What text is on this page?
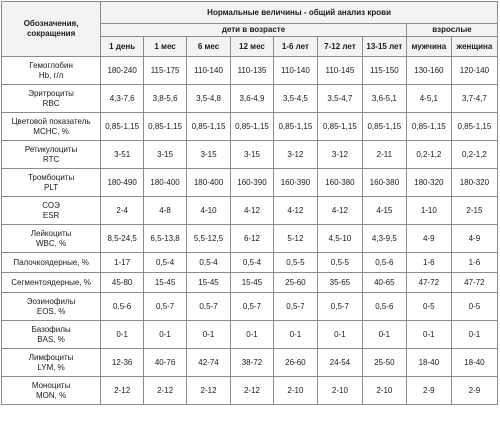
Обозначения,
сокращения	Нормальные величины - общий анализ крови								
	дети в возрасте							взрослые	
	1 день	1 мес	6 мес	12 мес	1-6 лет	7-12 лет	13-15 лет	мужчина	женщина

Гемоглобин
Hb, г/л	180-240	115-175	110-140	110-135	110-140	110-145	115-150	130-160	120-140

Эритроциты
RBC	4,3-7,6	3,8-5,6	3,5-4,8	3,6-4,9	3,5-4,5	3,5-4,7	3,6-5,1	4-5,1	3,7-4,7

Цветовой показатель
MCHC, %	0,85-1,15	0,85-1,15	0,85-1,15	0,85-1,15	0,85-1,15	0,85-1,15	0,85-1,15	0,85-1,15	0,85-1,15

Ретикулоциты
RTC	3-51	3-15	3-15	3-15	3-12	3-12	2-11	0,2-1,2	0,2-1,2

Тромбоциты
PLT	180-490	180-400	180-400	160-390	160-390	160-380	160-380	180-320	180-320

СОЭ
ESR	2-4	4-8	4-10	4-12	4-12	4-12	4-15	1-10	2-15

Лейкоциты
WBC, %	8,5-24,5	6,5-13,8	5,5-12,5	6-12	5-12	4,5-10	4,3-9,5	4-9	4-9

Палочкоядерные, %	1-17	0,5-4	0,5-4	0,5-4	0,5-5	0,5-5	0,5-6	1-6	1-6

Сегментоядерные, %	45-80	15-45	15-45	15-45	25-60	35-65	40-65	47-72	47-72

Эозинофилы
EOS, %	0,5-6	0,5-7	0,5-7	0,5-7	0,5-7	0,5-7	0,5-6	0-5	0-5

Базофилы
BAS, %	0-1	0-1	0-1	0-1	0-1	0-1	0-1	0-1	0-1

Лимфоциты
LYM, %	12-36	40-76	42-74	38-72	26-60	24-54	25-50	18-40	18-40

Моноциты
MON, %	2-12	2-12	2-12	2-12	2-10	2-10	2-10	2-9	2-9
